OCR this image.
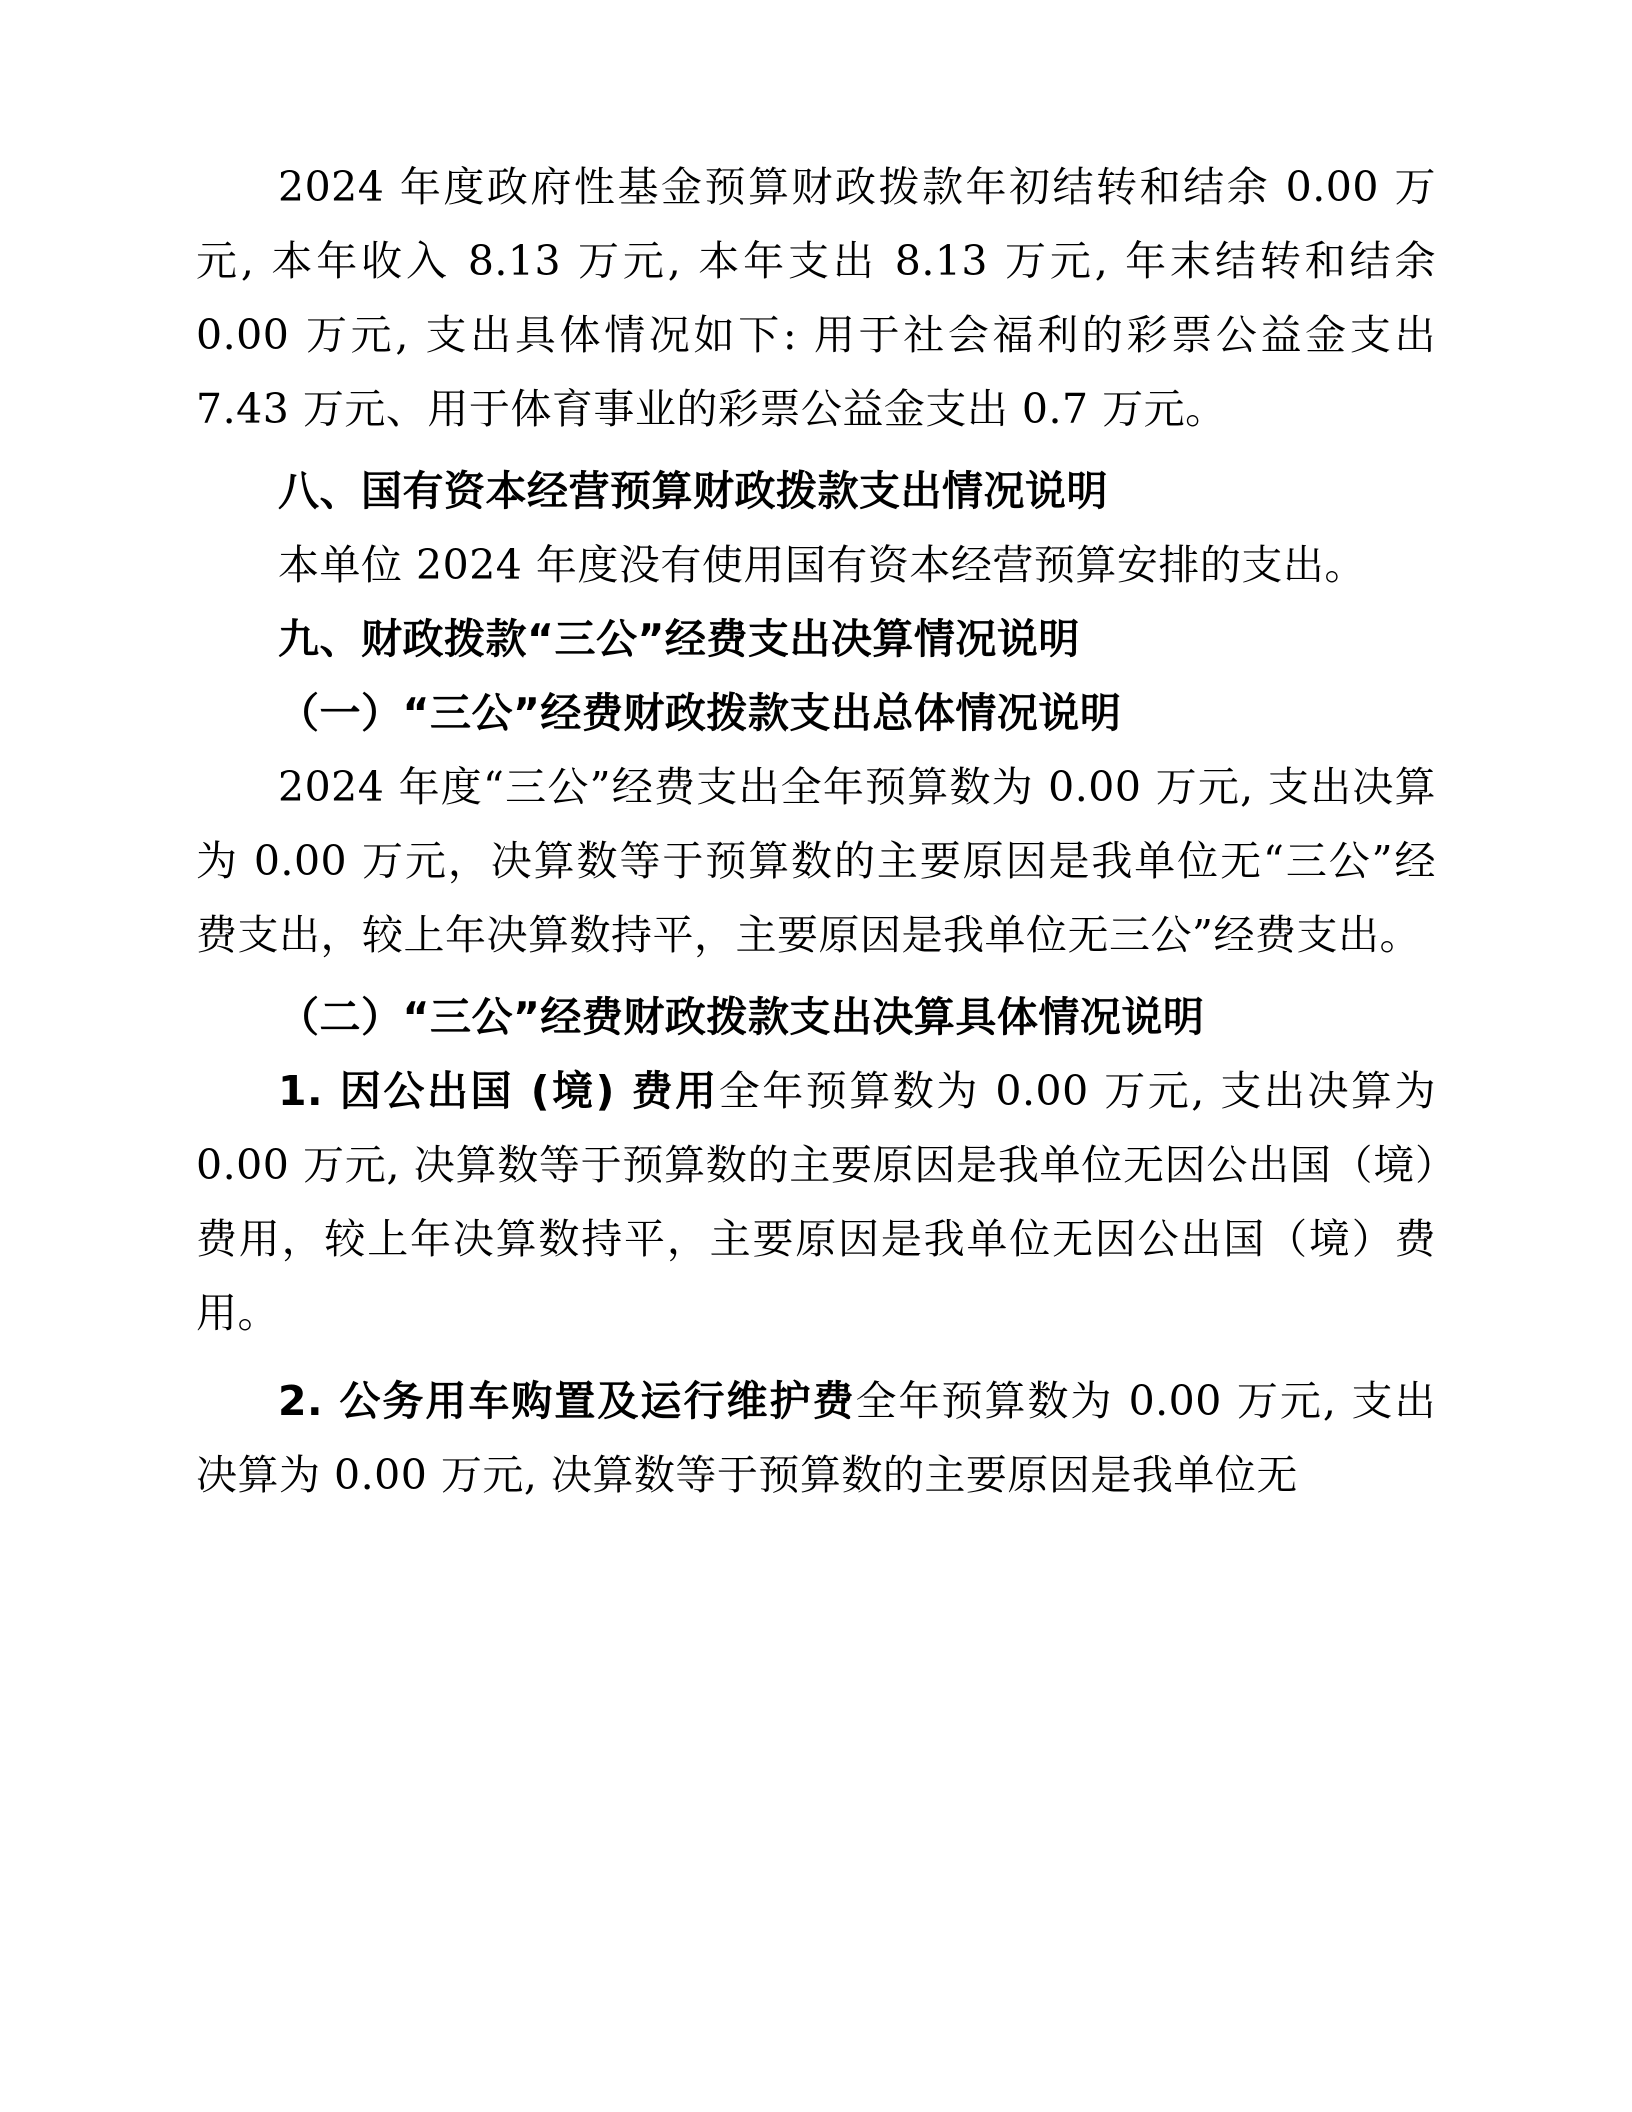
2024 年度政府性基金预算财政拨款年初结转和结余 0.00 万元, 本年收入 8.13 万元, 本年支出 8.13 万元, 年末结转和结余 0.00 万元, 支出具体情况如下: 用于社会福利的彩票公益金支出 7.43 万元、用于体育事业的彩票公益金支出 0.7 万元。

八、国有资本经营预算财政拨款支出情况说明

本单位 2024 年度没有使用国有资本经营预算安排的支出。

九、财政拨款“三公”经费支出决算情况说明

（一）“三公”经费财政拨款支出总体情况说明

2024 年度“三公”经费支出全年预算数为 0.00 万元, 支出决算为 0.00 万元，决算数等于预算数的主要原因是我单位无“三公”经费支出，较上年决算数持平，主要原因是我单位无三公”经费支出。

（二）“三公”经费财政拨款支出决算具体情况说明

1. 因公出国 (境) 费用全年预算数为 0.00 万元, 支出决算为 0.00 万元, 决算数等于预算数的主要原因是我单位无因公出国（境）费用，较上年决算数持平，主要原因是我单位无因公出国（境）费用。

2. 公务用车购置及运行维护费全年预算数为 0.00 万元, 支出决算为 0.00 万元, 决算数等于预算数的主要原因是我单位无
